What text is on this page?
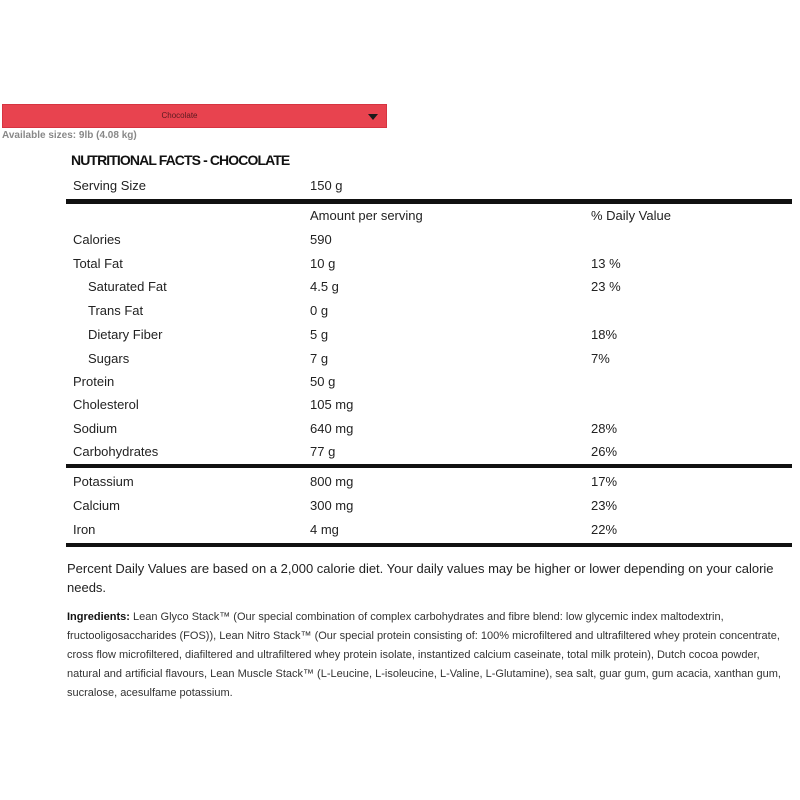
Chocolate
Available sizes: 9lb (4.08 kg)
NUTRITIONAL FACTS - CHOCOLATE
Serving Size	150 g
Amount per serving	% Daily Value
Calories	590
Total Fat	10 g	13 %
Saturated Fat	4.5 g	23 %
Trans Fat	0 g
Dietary Fiber	5 g	18%
Sugars	7 g	7%
Protein	50 g
Cholesterol	105 mg
Sodium	640 mg	28%
Carbohydrates	77 g	26%
Potassium	800 mg	17%
Calcium	300 mg	23%
Iron	4 mg	22%
Percent Daily Values are based on a 2,000 calorie diet. Your daily values may be higher or lower depending on your calorie needs.
Ingredients: Lean Glyco Stack™ (Our special combination of complex carbohydrates and fibre blend: low glycemic index maltodextrin, fructooligosaccharides (FOS)), Lean Nitro Stack™ (Our special protein consisting of: 100% microfiltered and ultrafiltered whey protein concentrate, cross flow microfiltered, diafiltered and ultrafiltered whey protein isolate, instantized calcium caseinate, total milk protein), Dutch cocoa powder, natural and artificial flavours, Lean Muscle Stack™ (L-Leucine, L-isoleucine, L-Valine, L-Glutamine), sea salt, guar gum, gum acacia, xanthan gum, sucralose, acesulfame potassium.
